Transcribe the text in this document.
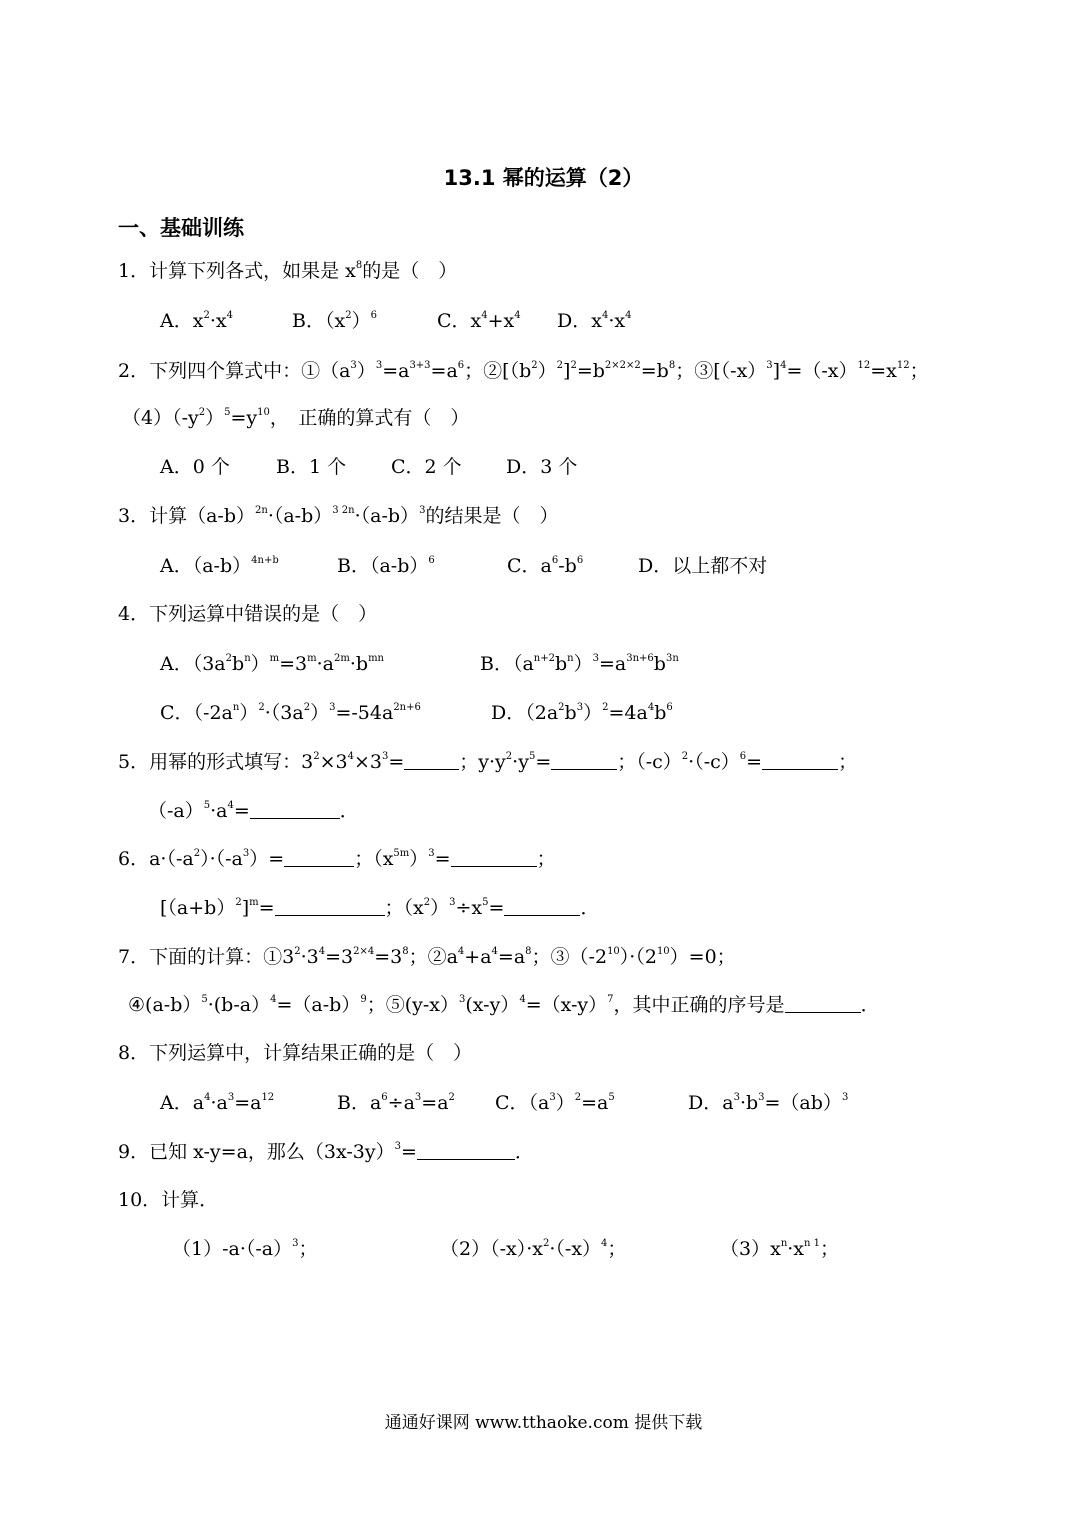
13.1 幂的运算（2）
一、基础训练
1．计算下列各式，如果是 $x^8$的是（　）
A．$x^2\cdot x^4$	B．$(x^2)^6$	C．$x^4+x^4$ D．$x^4\cdot x^4$
2．下列四个算式中：$①(a^3)^3=a^{3+3}=a^6$；$②[(b^2)^2]^2=b^{2\times 2\times 2}=b^8$；$③[(-x)^3]^4=(-x)^{12}=x^{12}$；
$(4)(-y^2)^5=y^{10}$，　正确的算式有（　）
A．0 个 B．1 个 C．2 个 D．3 个
3．计算$(a-b)^{2n}\cdot(a-b)^{3 2n}\cdot(a-b)^3$的结果是（　）
A．$(a-b)^{4n+b}$	B．$(a-b)^6$	C．$a^6-b^6$	D．以上都不对
4．下列运算中错误的是（　）
A．$(3a^2b^n)^m=3^m\cdot a^{2m}\cdot b^{mn}$	B．$(a^{n+2}b^n)^3=a^{3n+6}b^{3n}$
C．$(-2a^n)^2\cdot(3a^2)^3=-54a^{2n+6}$	D．$(2a^2b^3)^2=4a^4b^6$
5．用幂的形式填写：$3^2\times 3^4\times 3^3=$	；$y\cdot y^2\cdot y^5=$	；$(-c)^2\cdot(-c)^6=$	；
$(-a)^5\cdot a^4=$	．
6．$a\cdot(-a^2)\cdot(-a^3)=$	；$(x^{5m})^3=$	；
$[(a+b)^2]^m=$	；$(x^2)^3\div x^5=$	．
7．下面的计算：$①3^2\cdot 3^4=3^{2\times 4}=3^8$；$②a^4+a^4=a^8$；$③(-2^{10})\cdot(2^{10})=0$；
$④(a-b)^5\cdot(b-a)^4=(a-b)^9$；$⑤(y-x)^3(x-y)^4=(x-y)^7$，其中正确的序号是	．
8．下列运算中，计算结果正确的是（　）
A．$a^4\cdot a^3=a^{12}$	B．$a^6\div a^3=a^2$ C．$(a^3)^2=a^5$	D．$a^3\cdot b^3=(ab)^3$
9．已知 x-y=a，那么$(3x-3y)^3=$	．
10．计算．
$(1)-a\cdot(-a)^3$；	$(2)(-x)\cdot x^2\cdot(-x)^4$；	$(3)x^n\cdot x^{n 1}$；
通通好课网 www.tthaoke.com 提供下载
